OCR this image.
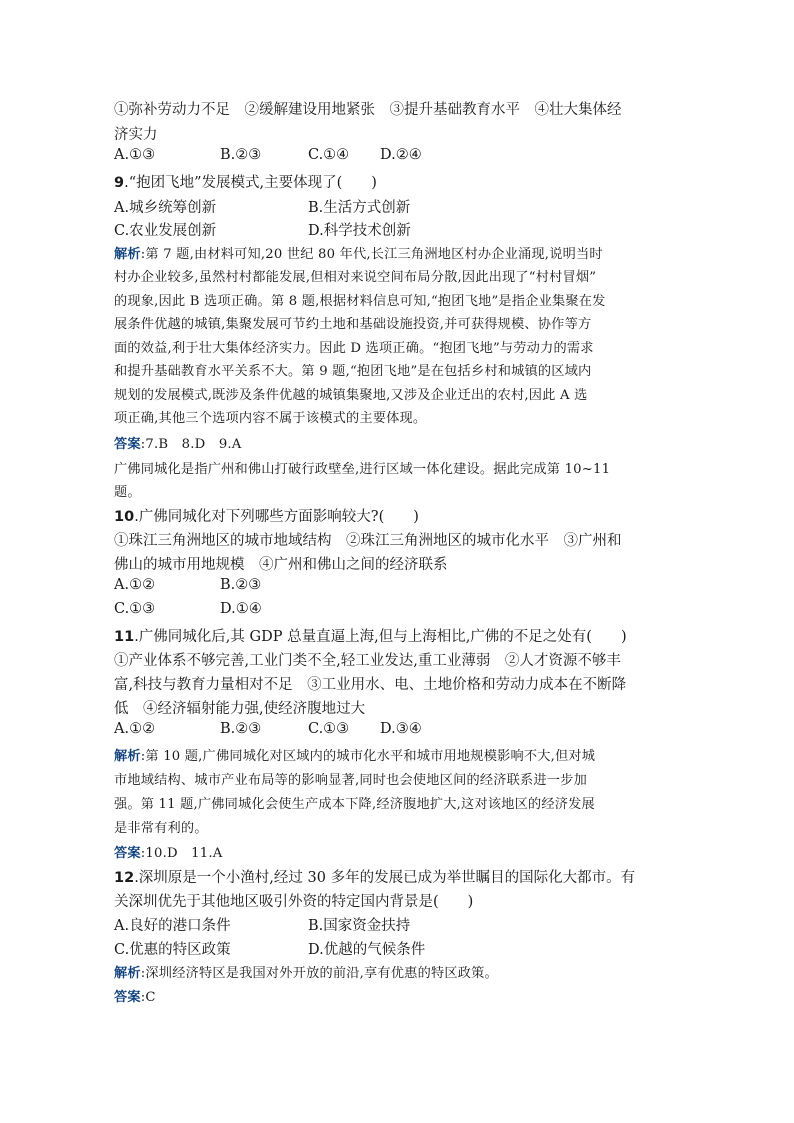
①弥补劳动力不足　②缓解建设用地紧张　③提升基础教育水平　④壮大集体经
济实力
A.①③	B.②③	C.①④ D.②④
9.“抱团飞地”发展模式,主要体现了(　　)
A.城乡统筹创新	B.生活方式创新
C.农业发展创新	D.科学技术创新
解析:第 7 题,由材料可知,20 世纪 80 年代,长江三角洲地区村办企业涌现,说明当时
村办企业较多,虽然村村都能发展,但相对来说空间布局分散,因此出现了“村村冒烟”
的现象,因此 B 选项正确。第 8 题,根据材料信息可知,“抱团飞地”是指企业集聚在发
展条件优越的城镇,集聚发展可节约土地和基础设施投资,并可获得规模、协作等方
面的效益,利于壮大集体经济实力。因此 D 选项正确。“抱团飞地”与劳动力的需求
和提升基础教育水平关系不大。第 9 题,“抱团飞地”是在包括乡村和城镇的区域内
规划的发展模式,既涉及条件优越的城镇集聚地,又涉及企业迁出的农村,因此 A 选
项正确,其他三个选项内容不属于该模式的主要体现。
答案:7.B　8.D　9.A
广佛同城化是指广州和佛山打破行政壁垒,进行区域一体化建设。据此完成第 10~11
题。
10.广佛同城化对下列哪些方面影响较大?(　　)
①珠江三角洲地区的城市地域结构　②珠江三角洲地区的城市化水平　③广州和
佛山的城市用地规模　④广州和佛山之间的经济联系
A.①②	B.②③
C.①③	D.①④
11.广佛同城化后,其 GDP 总量直逼上海,但与上海相比,广佛的不足之处有(　　)
①产业体系不够完善,工业门类不全,轻工业发达,重工业薄弱　②人才资源不够丰
富,科技与教育力量相对不足　③工业用水、电、土地价格和劳动力成本在不断降
低　④经济辐射能力强,使经济腹地过大
A.①②	B.②③	C.①③ D.③④
解析:第 10 题,广佛同城化对区域内的城市化水平和城市用地规模影响不大,但对城
市地域结构、城市产业布局等的影响显著,同时也会使地区间的经济联系进一步加
强。第 11 题,广佛同城化会使生产成本下降,经济腹地扩大,这对该地区的经济发展
是非常有利的。
答案:10.D　11.A
12.深圳原是一个小渔村,经过 30 多年的发展已成为举世瞩目的国际化大都市。有
关深圳优先于其他地区吸引外资的特定国内背景是(　　)
A.良好的港口条件	B.国家资金扶持
C.优惠的特区政策	D.优越的气候条件
解析:深圳经济特区是我国对外开放的前沿,享有优惠的特区政策。
答案:C
